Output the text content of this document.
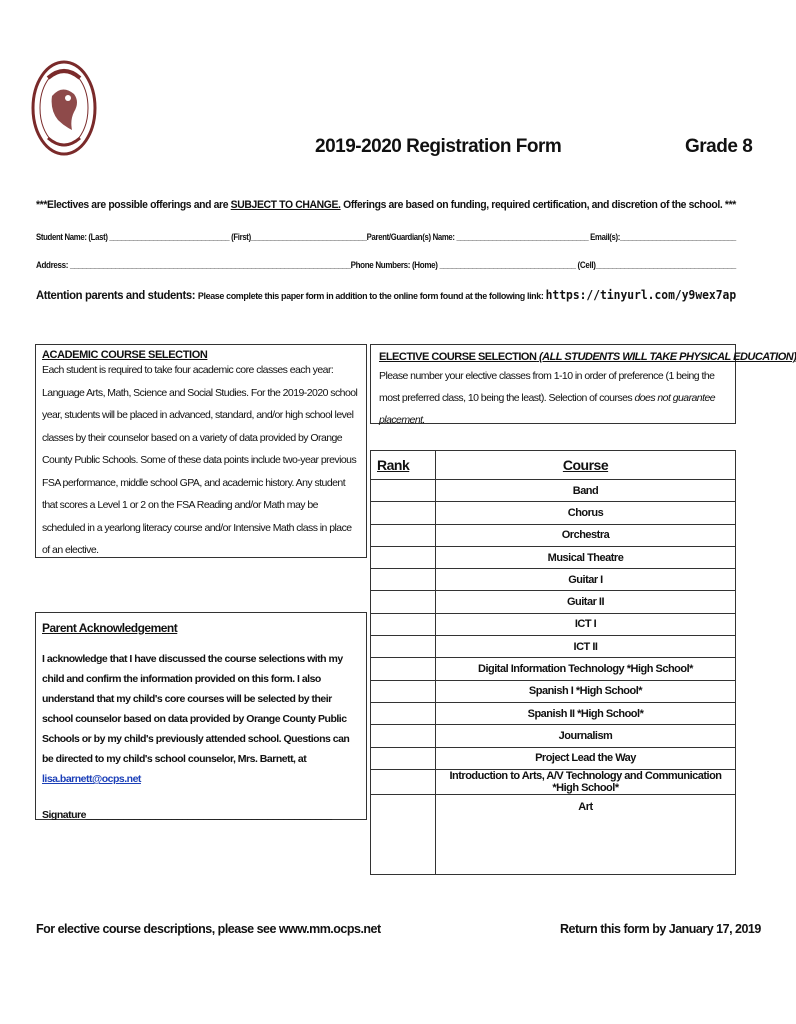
2019-2020 Registration Form	Grade 8
***Electives are possible offerings and are SUBJECT TO CHANGE. Offerings are based on funding, required certification, and discretion of the school. ***
Student Name: (Last) ______________________________ (First)_____________________________Parent/Guardian(s) Name: _________________________________ Email(s):_____________________________
Address: ____________________________________________________________________Phone Numbers: (Home) _________________________________ (Cell)__________________________________
Attention parents and students: Please complete this paper form in addition to the online form found at the following link: https://tinyurl.com/y9wex7ap
ACADEMIC COURSE SELECTION
Each student is required to take four academic core classes each year: Language Arts, Math, Science and Social Studies. For the 2019-2020 school year, students will be placed in advanced, standard, and/or high school level classes by their counselor based on a variety of data provided by Orange County Public Schools. Some of these data points include two-year previous FSA performance, middle school GPA, and academic history. Any student that scores a Level 1 or 2 on the FSA Reading and/or Math may be scheduled in a yearlong literacy course and/or Intensive Math class in place of an elective.
ELECTIVE COURSE SELECTION (ALL STUDENTS WILL TAKE PHYSICAL EDUCATION)
Please number your elective classes from 1-10 in order of preference (1 being the most preferred class, 10 being the least). Selection of courses does not guarantee placement.
Rank	Course
	Band
	Chorus
	Orchestra
	Musical Theatre
	Guitar I
	Guitar II
	ICT I
	ICT II
	Digital Information Technology *High School*
	Spanish I *High School*
	Spanish II *High School*
	Journalism
	Project Lead the Way
	Introduction to Arts, A/V Technology and Communication *High School*
	Art
Parent Acknowledgement
I acknowledge that I have discussed the course selections with my child and confirm the information provided on this form. I also understand that my child's core courses will be selected by their school counselor based on data provided by Orange County Public Schools or by my child's previously attended school. Questions can be directed to my child's school counselor, Mrs. Barnett, at lisa.barnett@ocps.net
Signature______________________________________________
For elective course descriptions, please see www.mm.ocps.net	Return this form by January 17, 2019
